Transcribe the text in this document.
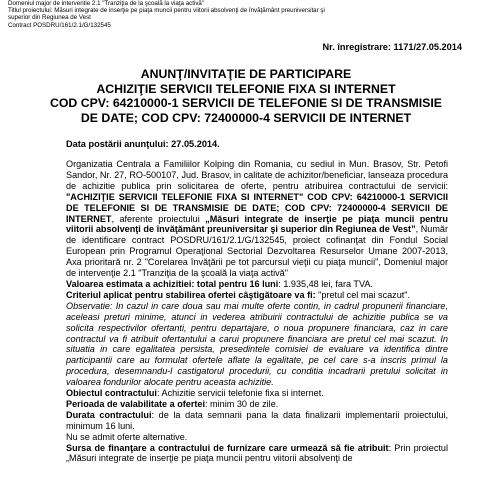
Domeniul major de interventie 2.1 "Tranziţia de la şcoală la viaţa activă"
Titlul proiectului: Măsuri integrate de inserţie pe piaţa muncii pentru viitorii absolvenţi de învăţământ preuniversitar şi
superior din Regiunea de Vest
Contract POSDRU/161/2.1/G/132545
Nr. înregistrare: 1171/27.05.2014
ANUNŢ/INVITAŢIE DE PARTICIPARE
ACHIZIŢIE SERVICII TELEFONIE FIXA SI INTERNET
COD CPV: 64210000-1 SERVICII DE TELEFONIE SI DE TRANSMISIE
DE DATE; COD CPV: 72400000-4 SERVICII DE INTERNET
Data postării anunţului: 27.05.2014.
Organizatia Centrala a Familiilor Kolping din Romania, cu sediul in Mun. Brasov, Str. Petofi Sandor, Nr. 27, RO-500107, Jud. Brasov, in calitate de achizitor/beneficiar, lanseaza procedura de achizitie publica prin solicitarea de oferte, pentru atribuirea contractului de servicii: "ACHIZIŢIE SERVICII TELEFONIE FIXA SI INTERNET" COD CPV: 64210000-1 SERVICII DE TELEFONIE SI DE TRANSMISIE DE DATE; COD CPV: 72400000-4 SERVICII DE INTERNET, aferente proiectului „Măsuri integrate de inserţie pe piaţa muncii pentru viitorii absolvenţi de învăţământ preuniversitar şi superior din Regiunea de Vest”, Număr de identificare contract POSDRU/161/2.1/G/132545, proiect cofinanţat din Fondul Social European prin Programul Operaţional Sectorial Dezvoltarea Resurselor Umane 2007-2013, Axa prioritară nr. 2 "Corelarea învăţării pe tot parcursul vieţii cu piaţa muncii", Domeniul major de intervenţie 2.1 "Tranziţia de la şcoală la viaţa activă"
Valoarea estimata a achizitiei: total pentru 16 luni: 1.935,48 lei, fara TVA.
Criteriul aplicat pentru stabilirea ofertei câştigătoare va fi: "pretul cel mai scazut".
Observatie: In cazul in care doua sau mai multe oferte contin, in cadrul propunerii financiare, aceleasi preturi minime, atunci in vederea atribuirii contractului de achizitie publica se va solicita respectivilor ofertanti, pentru departajare, o noua propunere financiara, caz in care contractul va fi atribuit ofertantului a carui propunere financiara are pretul cel mai scazut. In situatia in care egalitatea persista, presedintele comisiei de evaluare va identifica dintre participantii care au formulat ofertele aflate la egalitate, pe cel care s-a inscris primul la procedura, desemnandu-l castigatorul procedurii, cu conditia incadrarii pretului solicitat in valoarea fondurilor alocate pentru aceasta achizitie.
Obiectul contractului: Achizitie servicii telefonie fixa si internet.
Perioada de valabilitate a ofertei: minim 30 de zile.
Durata contractului: de la data semnarii pana la data finalizarii implementarii proiectului, minimum 16 luni.
Nu se admit oferte alternative.
Sursa de finanţare a contractului de furnizare care urmează să fie atribuit: Prin proiectul „Măsuri integrate de inserţie pe piaţa muncii pentru viitorii absolvenţi de
